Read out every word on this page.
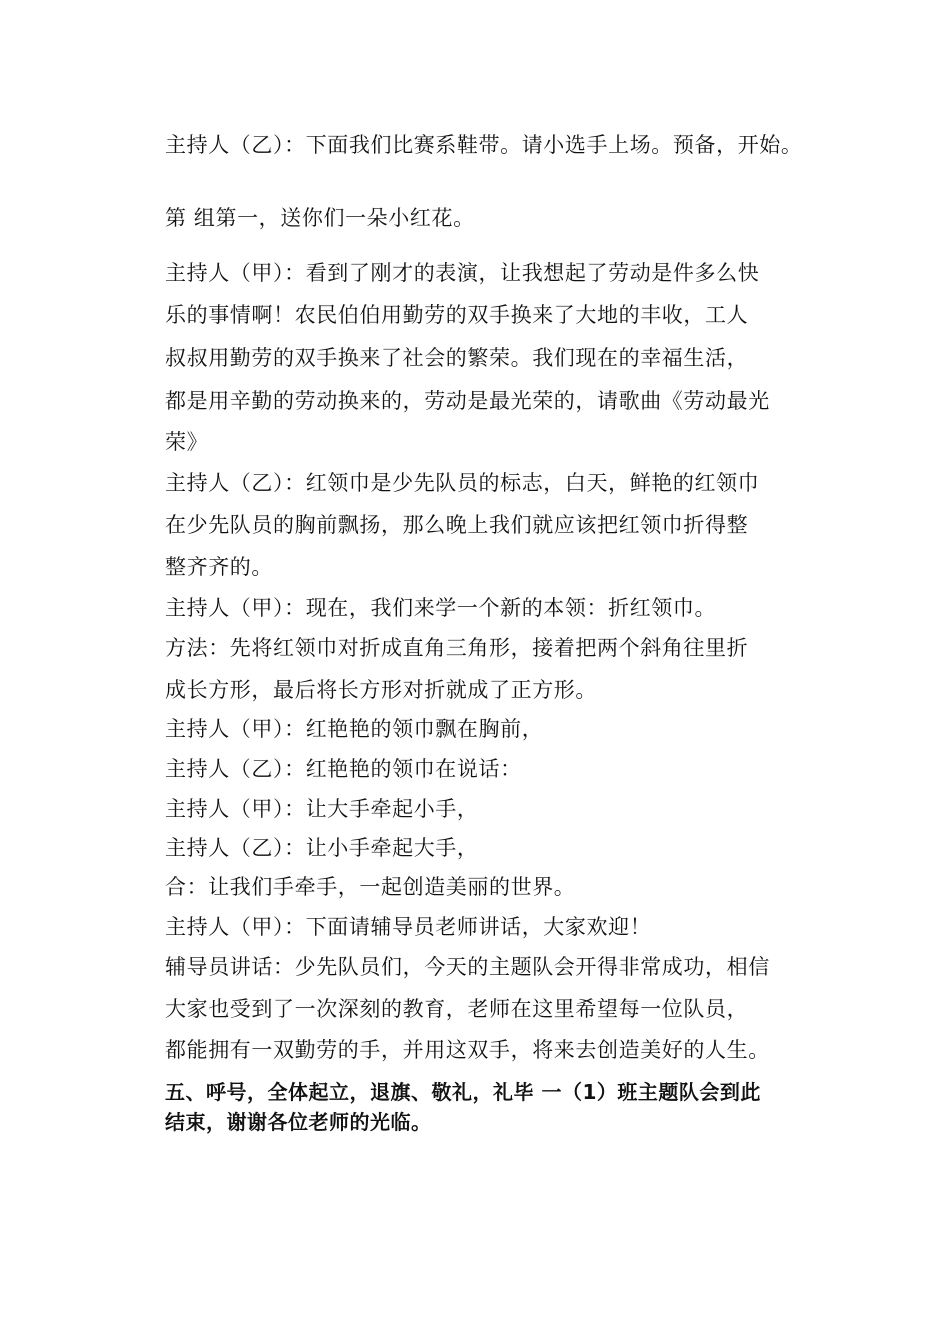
主持人（乙）：下面我们比赛系鞋带。请小选手上场。预备，开始。
第 组第一，送你们一朵小红花。
主持人（甲）：看到了刚才的表演，让我想起了劳动是件多么快
乐的事情啊！农民伯伯用勤劳的双手换来了大地的丰收，工人
叔叔用勤劳的双手换来了社会的繁荣。我们现在的幸福生活，
都是用辛勤的劳动换来的，劳动是最光荣的，请歌曲《劳动最光
荣》
主持人（乙）：红领巾是少先队员的标志，白天，鲜艳的红领巾
在少先队员的胸前飘扬，那么晚上我们就应该把红领巾折得整
整齐齐的。
主持人（甲）：现在，我们来学一个新的本领：折红领巾。
方法：先将红领巾对折成直角三角形，接着把两个斜角往里折
成长方形，最后将长方形对折就成了正方形。
主持人（甲）：红艳艳的领巾飘在胸前，
主持人（乙）：红艳艳的领巾在说话：
主持人（甲）：让大手牵起小手，
主持人（乙）：让小手牵起大手，
合：让我们手牵手，一起创造美丽的世界。
主持人（甲）：下面请辅导员老师讲话，大家欢迎！
辅导员讲话：少先队员们，今天的主题队会开得非常成功，相信
大家也受到了一次深刻的教育，老师在这里希望每一位队员，
都能拥有一双勤劳的手，并用这双手，将来去创造美好的人生。
五、呼号，全体起立，退旗、敬礼，礼毕 一（1）班主题队会到此
结束，谢谢各位老师的光临。
